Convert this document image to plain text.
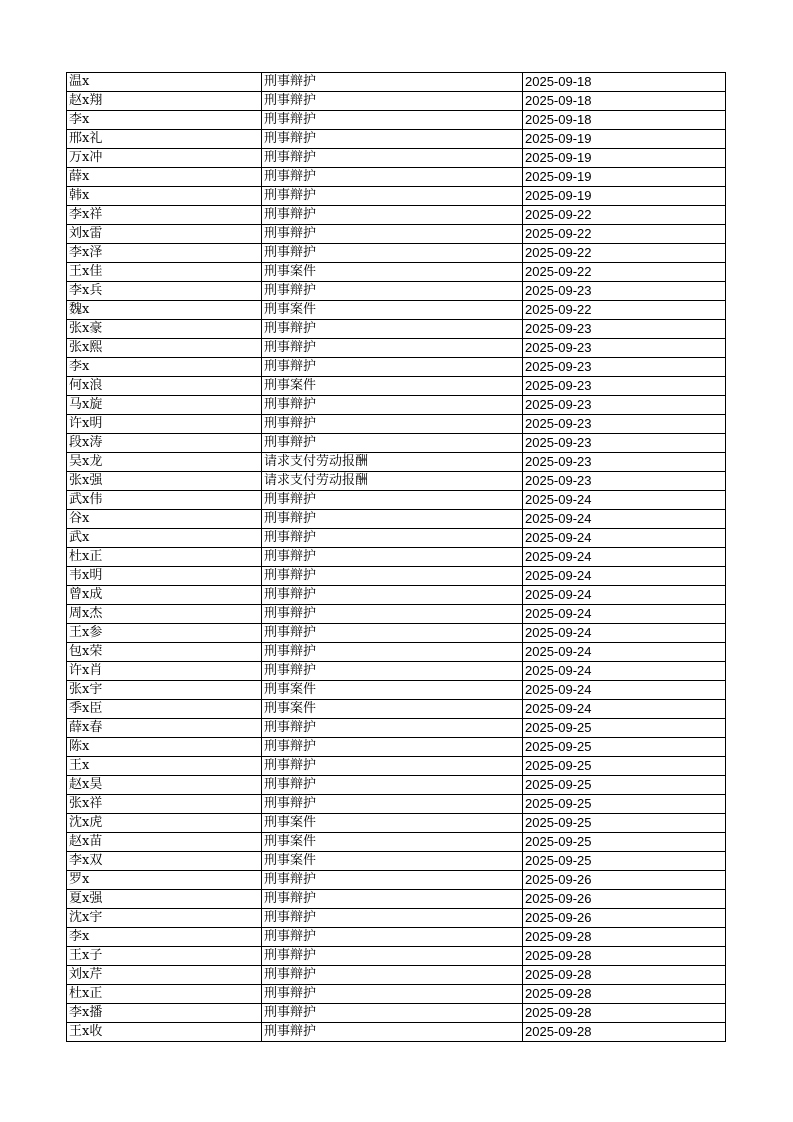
温x	刑事辩护	2025-09-18
赵x翔	刑事辩护	2025-09-18
李x	刑事辩护	2025-09-18
邢x礼	刑事辩护	2025-09-19
万x冲	刑事辩护	2025-09-19
薛x	刑事辩护	2025-09-19
韩x	刑事辩护	2025-09-19
李x祥	刑事辩护	2025-09-22
刘x雷	刑事辩护	2025-09-22
李x泽	刑事辩护	2025-09-22
王x佳	刑事案件	2025-09-22
李x兵	刑事辩护	2025-09-23
魏x	刑事案件	2025-09-22
张x豪	刑事辩护	2025-09-23
张x熙	刑事辩护	2025-09-23
李x	刑事辩护	2025-09-23
何x浪	刑事案件	2025-09-23
马x旋	刑事辩护	2025-09-23
许x明	刑事辩护	2025-09-23
段x涛	刑事辩护	2025-09-23
吴x龙	请求支付劳动报酬	2025-09-23
张x强	请求支付劳动报酬	2025-09-23
武x伟	刑事辩护	2025-09-24
谷x	刑事辩护	2025-09-24
武x	刑事辩护	2025-09-24
杜x正	刑事辩护	2025-09-24
韦x明	刑事辩护	2025-09-24
曾x成	刑事辩护	2025-09-24
周x杰	刑事辩护	2025-09-24
王x参	刑事辩护	2025-09-24
包x荣	刑事辩护	2025-09-24
许x肖	刑事辩护	2025-09-24
张x宇	刑事案件	2025-09-24
季x臣	刑事案件	2025-09-24
薛x春	刑事辩护	2025-09-25
陈x	刑事辩护	2025-09-25
王x	刑事辩护	2025-09-25
赵x昊	刑事辩护	2025-09-25
张x祥	刑事辩护	2025-09-25
沈x虎	刑事案件	2025-09-25
赵x苗	刑事案件	2025-09-25
李x双	刑事案件	2025-09-25
罗x	刑事辩护	2025-09-26
夏x强	刑事辩护	2025-09-26
沈x宇	刑事辩护	2025-09-26
李x	刑事辩护	2025-09-28
王x子	刑事辩护	2025-09-28
刘x芹	刑事辩护	2025-09-28
杜x正	刑事辩护	2025-09-28
李x播	刑事辩护	2025-09-28
王x收	刑事辩护	2025-09-28
